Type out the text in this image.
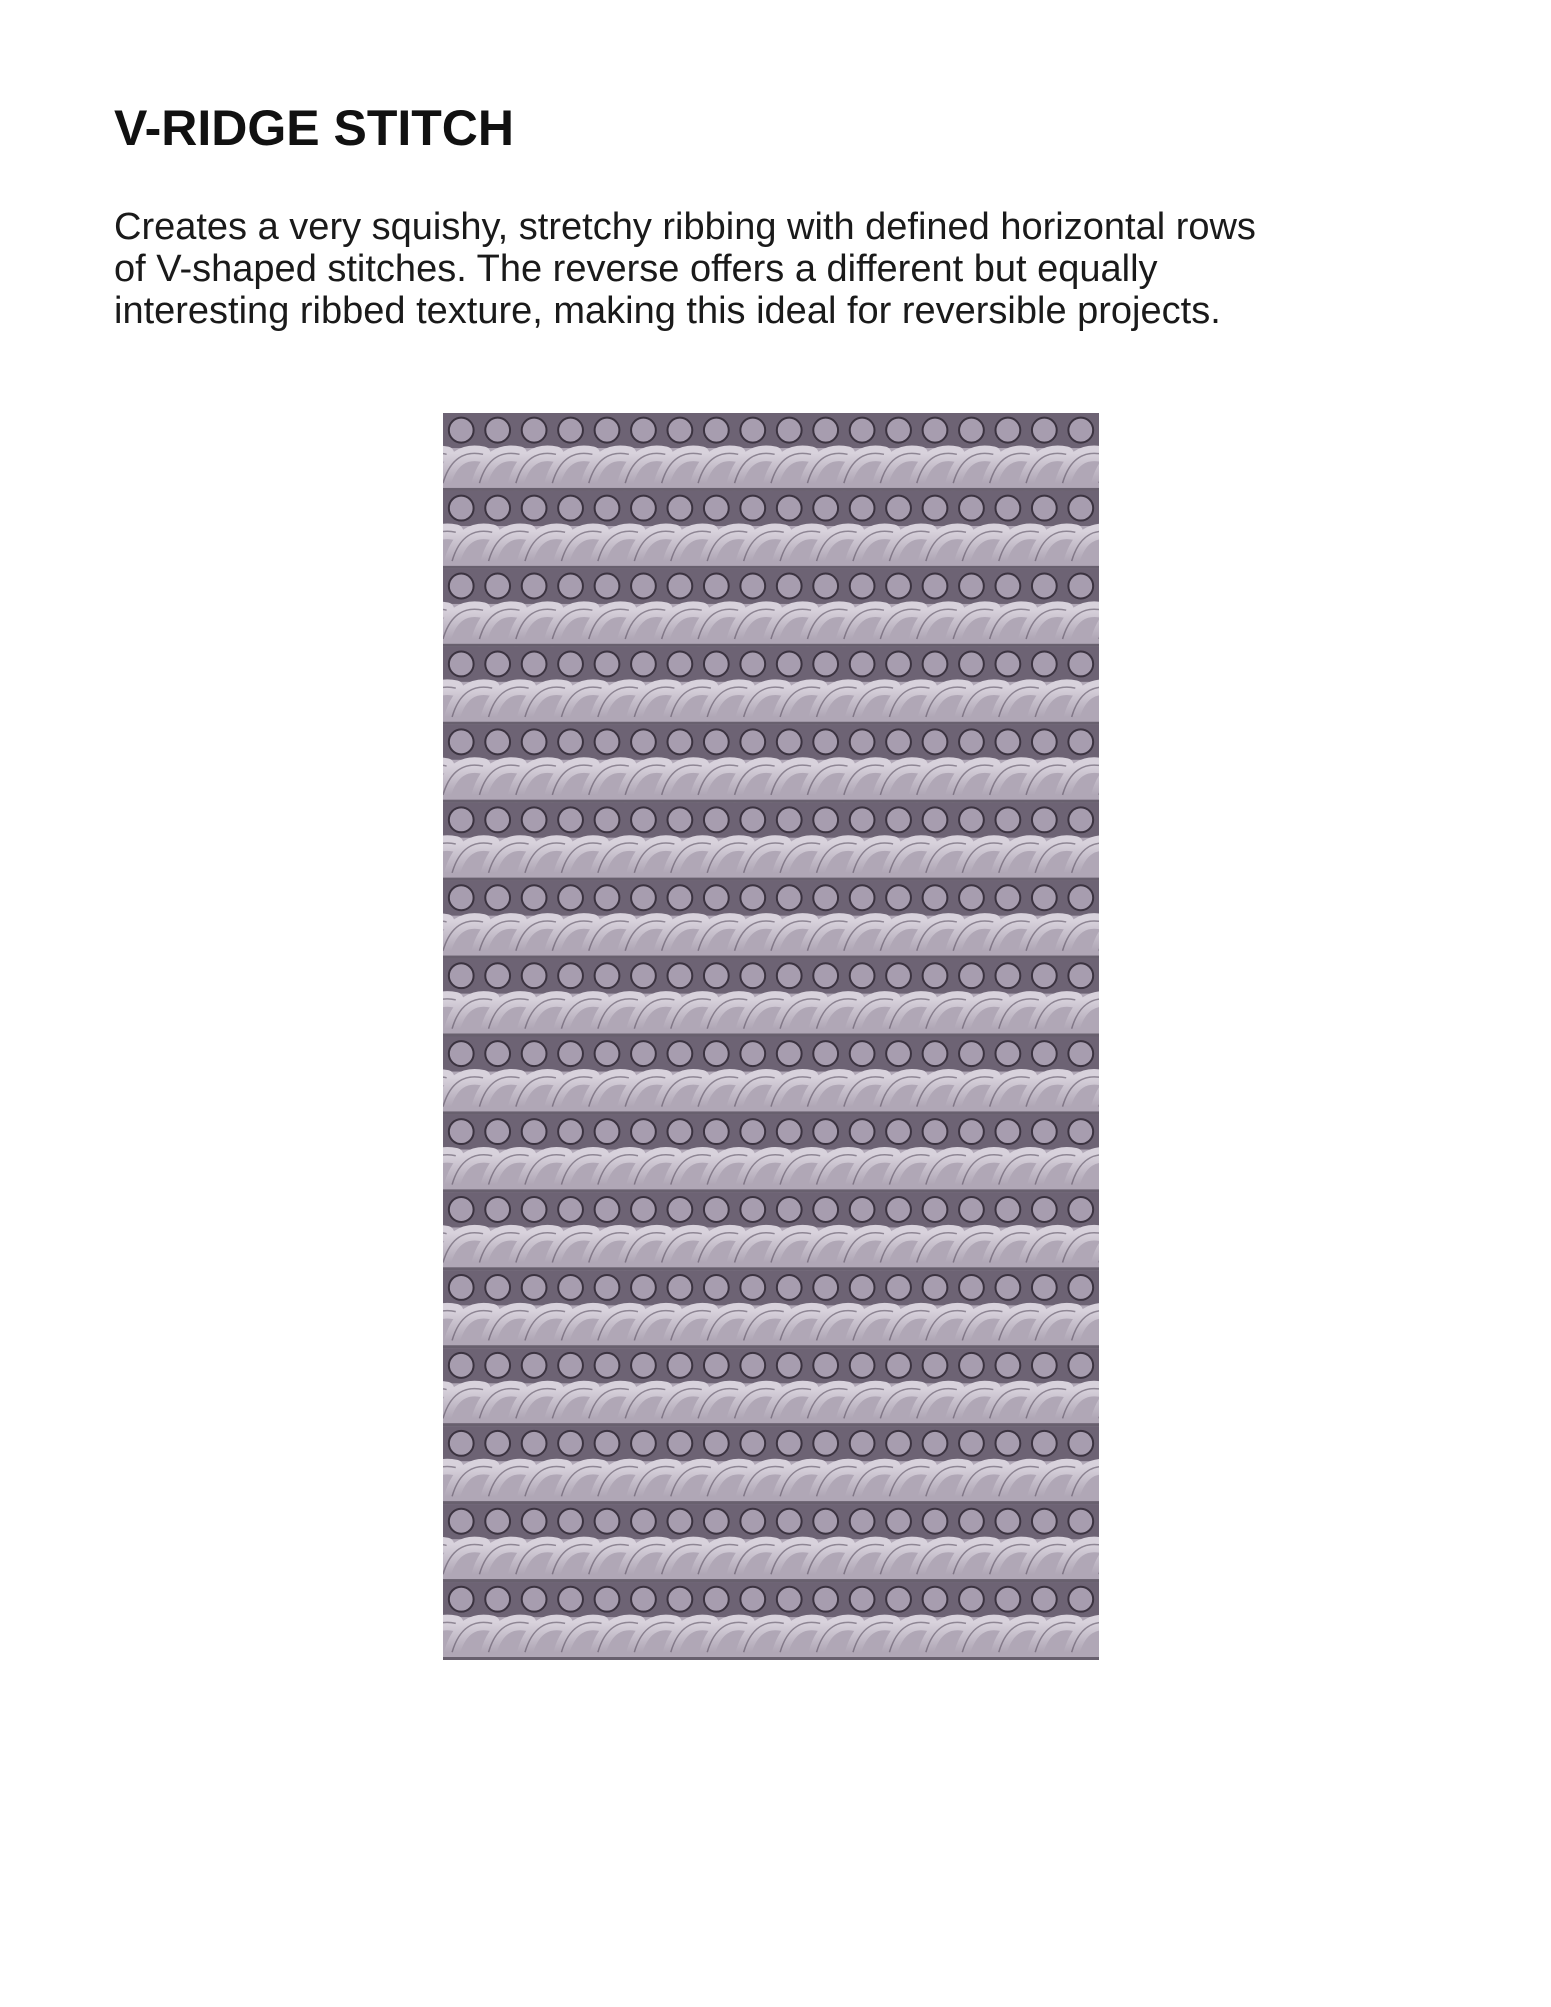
V-RIDGE STITCH

Creates a very squishy, stretchy ribbing with defined horizontal rows
of V-shaped stitches. The reverse offers a different but equally
interesting ribbed texture, making this ideal for reversible projects.
